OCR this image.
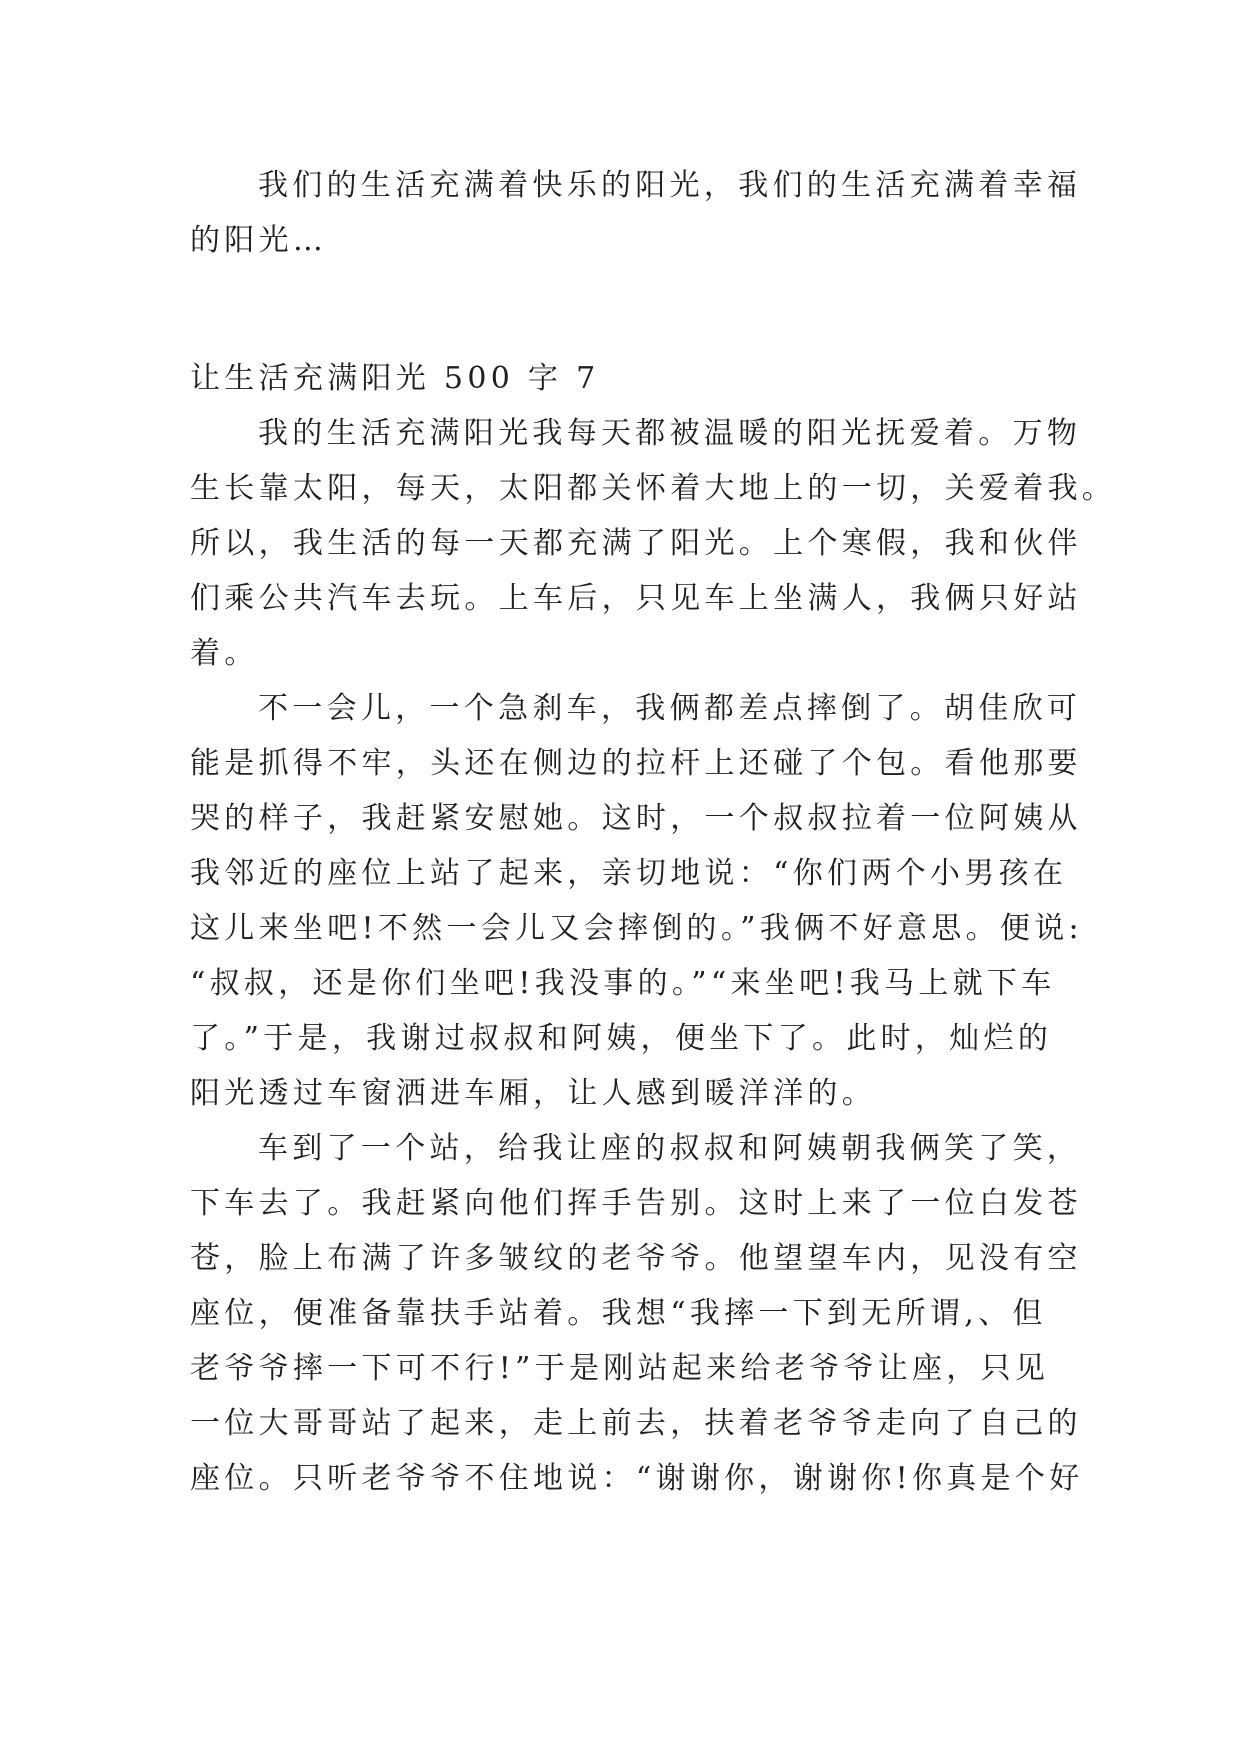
我们的生活充满着快乐的阳光，我们的生活充满着幸福
的阳光…
让生活充满阳光 500 字 7
我的生活充满阳光我每天都被温暖的阳光抚爱着。万物
生长靠太阳，每天，太阳都关怀着大地上的一切，关爱着我。
所以，我生活的每一天都充满了阳光。上个寒假，我和伙伴
们乘公共汽车去玩。上车后，只见车上坐满人，我俩只好站
着。
不一会儿，一个急刹车，我俩都差点摔倒了。胡佳欣可
能是抓得不牢，头还在侧边的拉杆上还碰了个包。看他那要
哭的样子，我赶紧安慰她。这时，一个叔叔拉着一位阿姨从
我邻近的座位上站了起来，亲切地说：“你们两个小男孩在
这儿来坐吧!不然一会儿又会摔倒的。”我俩不好意思。便说:
“叔叔，还是你们坐吧!我没事的。”“来坐吧!我马上就下车
了。”于是，我谢过叔叔和阿姨，便坐下了。此时，灿烂的
阳光透过车窗洒进车厢，让人感到暖洋洋的。
车到了一个站，给我让座的叔叔和阿姨朝我俩笑了笑，
下车去了。我赶紧向他们挥手告别。这时上来了一位白发苍
苍，脸上布满了许多皱纹的老爷爷。他望望车内，见没有空
座位，便准备靠扶手站着。我想“我摔一下到无所谓,、但
老爷爷摔一下可不行!”于是刚站起来给老爷爷让座，只见
一位大哥哥站了起来，走上前去，扶着老爷爷走向了自己的
座位。只听老爷爷不住地说：“谢谢你，谢谢你!你真是个好
